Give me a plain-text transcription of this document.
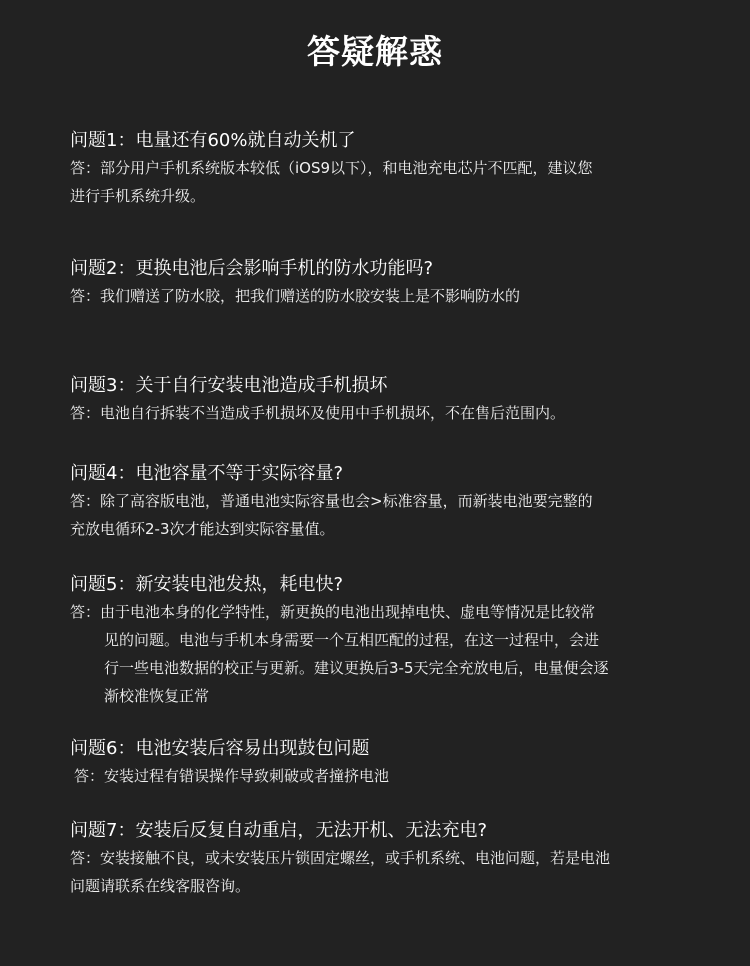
答疑解惑
问题1：电量还有60%就自动关机了
答：部分用户手机系统版本较低（iOS9以下），和电池充电芯片不匹配，建议您
进行手机系统升级。
问题2：更换电池后会影响手机的防水功能吗?
答：我们赠送了防水胶，把我们赠送的防水胶安装上是不影响防水的
问题3：关于自行安装电池造成手机损坏
答：电池自行拆装不当造成手机损坏及使用中手机损坏，不在售后范围内。
问题4：电池容量不等于实际容量?
答：除了高容版电池，普通电池实际容量也会>标准容量，而新装电池要完整的
充放电循环2-3次才能达到实际容量值。
问题5：新安装电池发热，耗电快?
答：由于电池本身的化学特性，新更换的电池出现掉电快、虚电等情况是比较常
见的问题。电池与手机本身需要一个互相匹配的过程，在这一过程中，会进
行一些电池数据的校正与更新。建议更换后3-5天完全充放电后，电量便会逐
渐校准恢复正常
问题6：电池安装后容易出现鼓包问题
答：安装过程有错误操作导致刺破或者撞挤电池
问题7：安装后反复自动重启，无法开机、无法充电?
答：安装接触不良，或未安装压片锁固定螺丝，或手机系统、电池问题，若是电池
问题请联系在线客服咨询。
